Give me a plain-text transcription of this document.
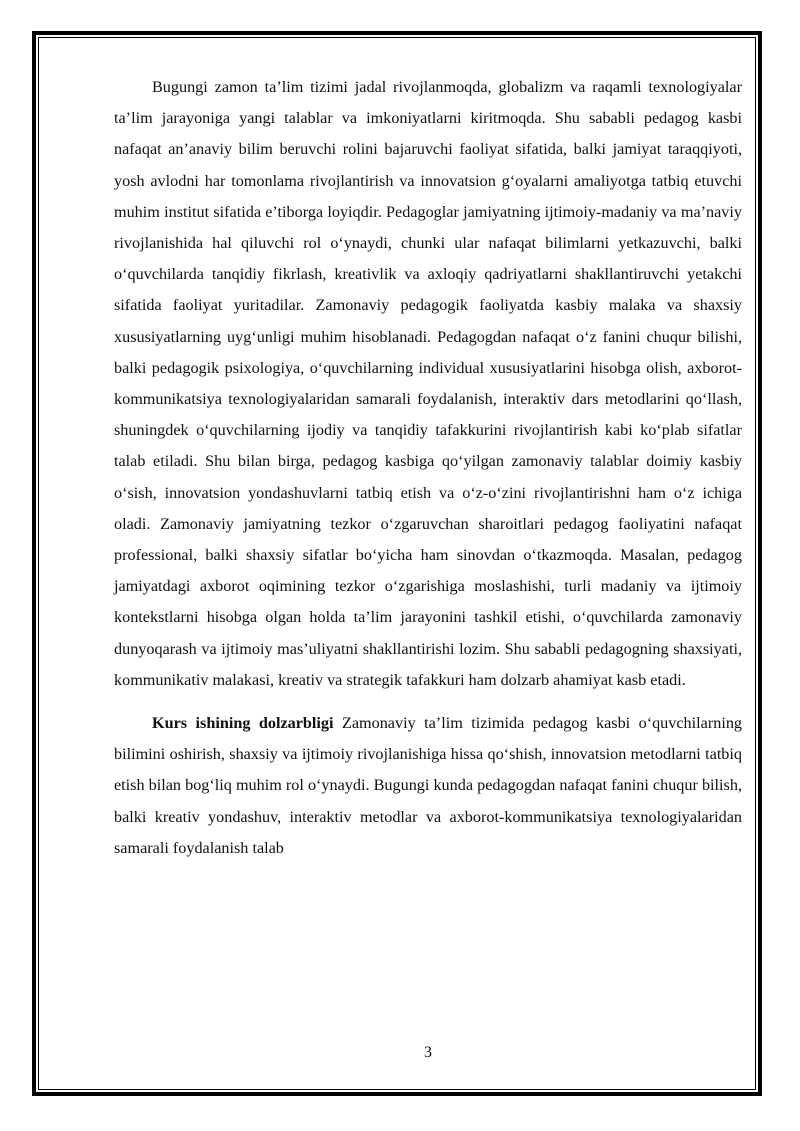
Bugungi zamon ta’lim tizimi jadal rivojlanmoqda, globalizm va raqamli texnologiyalar ta’lim jarayoniga yangi talablar va imkoniyatlarni kiritmoqda. Shu sababli pedagog kasbi nafaqat an’anaviy bilim beruvchi rolini bajaruvchi faoliyat sifatida, balki jamiyat taraqqiyoti, yosh avlodni har tomonlama rivojlantirish va innovatsion g‘oyalarni amaliyotga tatbiq etuvchi muhim institut sifatida e’tiborga loyiqdir. Pedagoglar jamiyatning ijtimoiy-madaniy va ma’naviy rivojlanishida hal qiluvchi rol o‘ynaydi, chunki ular nafaqat bilimlarni yetkazuvchi, balki o‘quvchilarda tanqidiy fikrlash, kreativlik va axloqiy qadriyatlarni shakllantiruvchi yetakchi sifatida faoliyat yuritadilar. Zamonaviy pedagogik faoliyatda kasbiy malaka va shaxsiy xususiyatlarning uyg‘unligi muhim hisoblanadi. Pedagogdan nafaqat o‘z fanini chuqur bilishi, balki pedagogik psixologiya, o‘quvchilarning individual xususiyatlarini hisobga olish, axborot-kommunikatsiya texnologiyalaridan samarali foydalanish, interaktiv dars metodlarini qo‘llash, shuningdek o‘quvchilarning ijodiy va tanqidiy tafakkurini rivojlantirish kabi ko‘plab sifatlar talab etiladi. Shu bilan birga, pedagog kasbiga qo‘yilgan zamonaviy talablar doimiy kasbiy o‘sish, innovatsion yondashuvlarni tatbiq etish va o‘z-o‘zini rivojlantirishni ham o‘z ichiga oladi. Zamonaviy jamiyatning tezkor o‘zgaruvchan sharoitlari pedagog faoliyatini nafaqat professional, balki shaxsiy sifatlar bo‘yicha ham sinovdan o‘tkazmoqda. Masalan, pedagog jamiyatdagi axborot oqimining tezkor o‘zgarishiga moslashishi, turli madaniy va ijtimoiy kontekstlarni hisobga olgan holda ta’lim jarayonini tashkil etishi, o‘quvchilarda zamonaviy dunyoqarash va ijtimoiy mas’uliyatni shakllantirishi lozim. Shu sababli pedagogning shaxsiyati, kommunikativ malakasi, kreativ va strategik tafakkuri ham dolzarb ahamiyat kasb etadi.

Kurs ishining dolzarbligi Zamonaviy ta’lim tizimida pedagog kasbi o‘quvchilarning bilimini oshirish, shaxsiy va ijtimoiy rivojlanishiga hissa qo‘shish, innovatsion metodlarni tatbiq etish bilan bog‘liq muhim rol o‘ynaydi. Bugungi kunda pedagogdan nafaqat fanini chuqur bilish, balki kreativ yondashuv, interaktiv metodlar va axborot-kommunikatsiya texnologiyalaridan samarali foydalanish talab

3
